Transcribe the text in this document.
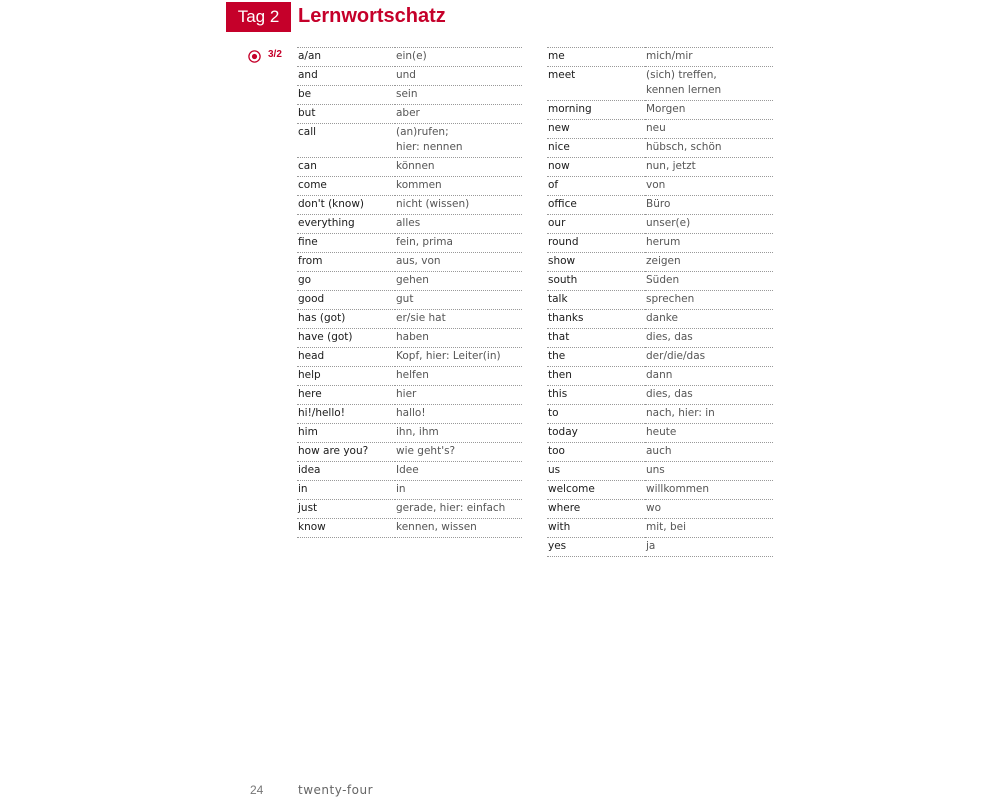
Tag 2 Lernwortschatz
3/2 a/an	ein(e)
and	und
be	sein
but	aber
call	(an)rufen;
hier: nennen
can	können
come	kommen
don't (know)	nicht (wissen)
everything	alles
fine	fein, prima
from	aus, von
go	gehen
good	gut
has (got)	er/sie hat
have (got)	haben
head	Kopf, hier: Leiter(in)
help	helfen
here	hier
hi!/hello!	hallo!
him	ihn, ihm
how are you?	wie geht's?
idea	Idee
in	in
just	gerade, hier: einfach
know	kennen, wissen
me	mich/mir
meet	(sich) treffen,
kennen lernen
morning	Morgen
new	neu
nice	hübsch, schön
now	nun, jetzt
of	von
office	Büro
our	unser(e)
round	herum
show	zeigen
south	Süden
talk	sprechen
thanks	danke
that	dies, das
the	der/die/das
then	dann
this	dies, das
to	nach, hier: in
today	heute
too	auch
us	uns
welcome	willkommen
where	wo
with	mit, bei
yes	ja
24	twenty-four
